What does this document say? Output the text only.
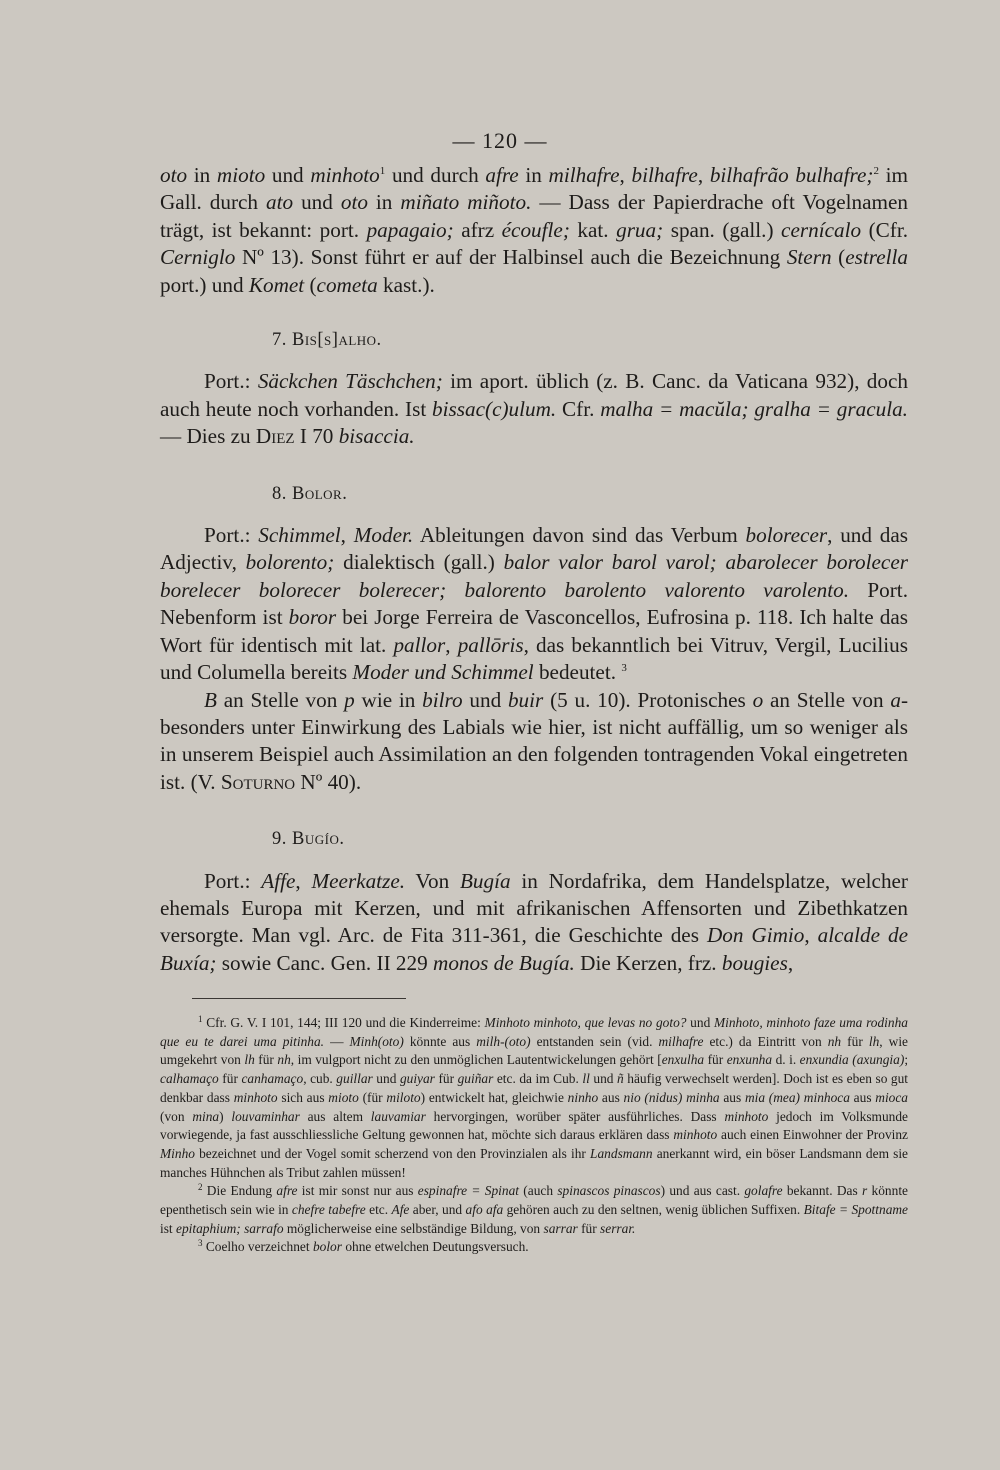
— 120 —

oto in mioto und minhoto$^1$ und durch afre in milhafre, bilhafre, bilhafrão bulhafre;$^2$ im Gall. durch ato und oto in miñato miñoto. — Dass der Papierdrache oft Vogelnamen trägt, ist bekannt: port. papagaio; afrz écoufle; kat. grua; span. (gall.) cernícalo (Cfr. Cerniglo Nº 13). Sonst führt er auf der Halbinsel auch die Bezeichnung Stern (estrella port.) und Komet (cometa kast.).

7. Bis[s]alho.

Port.: Säckchen Täschchen; im aport. üblich (z. B. Canc. da Vaticana 932), doch auch heute noch vorhanden. Ist bissac(c)ulum. Cfr. malha = macŭla; gralha = gracula. — Dies zu Diez I 70 bisaccia.

8. Bolor.

Port.: Schimmel, Moder. Ableitungen davon sind das Verbum bolorecer, und das Adjectiv, bolorento; dialektisch (gall.) balor valor barol varol; abarolecer borolecer borelecer bolorecer bolerecer; balorento barolento valorento varolento. Port. Nebenform ist boror bei Jorge Ferreira de Vasconcellos, Eufrosina p. 118. Ich halte das Wort für identisch mit lat. pallor, pallōris, das bekanntlich bei Vitruv, Vergil, Lucilius und Columella bereits Moder und Schimmel bedeutet. $^3$

B an Stelle von p wie in bilro und buir (5 u. 10). Protonisches o an Stelle von a- besonders unter Einwirkung des Labials wie hier, ist nicht auffällig, um so weniger als in unserem Beispiel auch Assimilation an den folgenden tontragenden Vokal eingetreten ist. (V. Soturno Nº 40).

9. Bugío.

Port.: Affe, Meerkatze. Von Bugía in Nordafrika, dem Handelsplatze, welcher ehemals Europa mit Kerzen, und mit afrikanischen Affensorten und Zibethkatzen versorgte. Man vgl. Arc. de Fita 311-361, die Geschichte des Don Gimio, alcalde de Buxía; sowie Canc. Gen. II 229 monos de Bugía. Die Kerzen, frz. bougies,

$^1$ Cfr. G. V. I 101, 144; III 120 und die Kinderreime: Minhoto minhoto, que levas no goto? und Minhoto, minhoto faze uma rodinha que eu te darei uma pitinha. — Minh(oto) könnte aus milh-(oto) entstanden sein (vid. milhafre etc.) da Eintritt von nh für lh, wie umgekehrt von lh für nh, im vulgport nicht zu den unmöglichen Lautentwickelungen gehört [enxulha für enxunha d. i. enxundia (axungia); calhamaço für canhamaço, cub. guillar und guiyar für guiñar etc. da im Cub. ll und ñ häufig verwechselt werden]. Doch ist es eben so gut denkbar dass minhoto sich aus mioto (für miloto) entwickelt hat, gleichwie ninho aus nio (nidus) minha aus mia (mea) minhoca aus mioca (von mina) louvaminhar aus altem lauvamiar hervorgingen, worüber später ausführliches. Dass minhoto jedoch im Volksmunde vorwiegende, ja fast ausschliessliche Geltung gewonnen hat, möchte sich daraus erklären dass minhoto auch einen Einwohner der Provinz Minho bezeichnet und der Vogel somit scherzend von den Provinzialen als ihr Landsmann anerkannt wird, ein böser Landsmann dem sie manches Hühnchen als Tribut zahlen müssen!

$^2$ Die Endung afre ist mir sonst nur aus espinafre = Spinat (auch spinascos pinascos) und aus cast. golafre bekannt. Das r könnte epenthetisch sein wie in chefre tabefre etc. Afe aber, und afo afa gehören auch zu den seltnen, wenig üblichen Suffixen. Bitafe = Spottname ist epitaphium; sarrafo möglicherweise eine selbständige Bildung, von sarrar für serrar.

$^3$ Coelho verzeichnet bolor ohne etwelchen Deutungsversuch.
